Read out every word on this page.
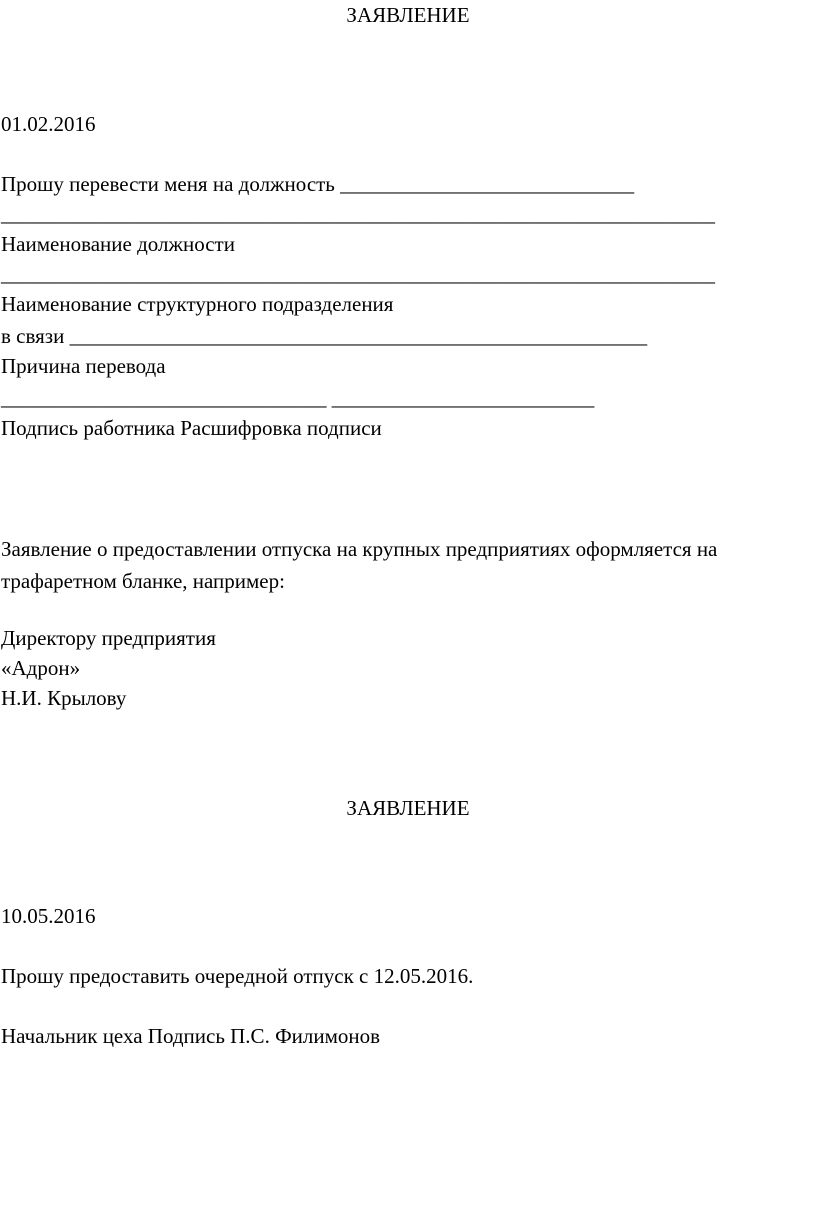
ЗАЯВЛЕНИЕ
01.02.2016
Прошу перевести меня на должность ____________________________
____________________________________________________________________
Наименование должности
____________________________________________________________________
Наименование структурного подразделения
в связи _______________________________________________________
Причина перевода
_______________________________ _________________________
Подпись работника Расшифровка подписи
Заявление о предоставлении отпуска на крупных предприятиях оформляется на
трафаретном бланке, например:
Директору предприятия
«Адрон»
Н.И. Крылову
ЗАЯВЛЕНИЕ
10.05.2016
Прошу предоставить очередной отпуск с 12.05.2016.
Начальник цеха Подпись П.С. Филимонов
